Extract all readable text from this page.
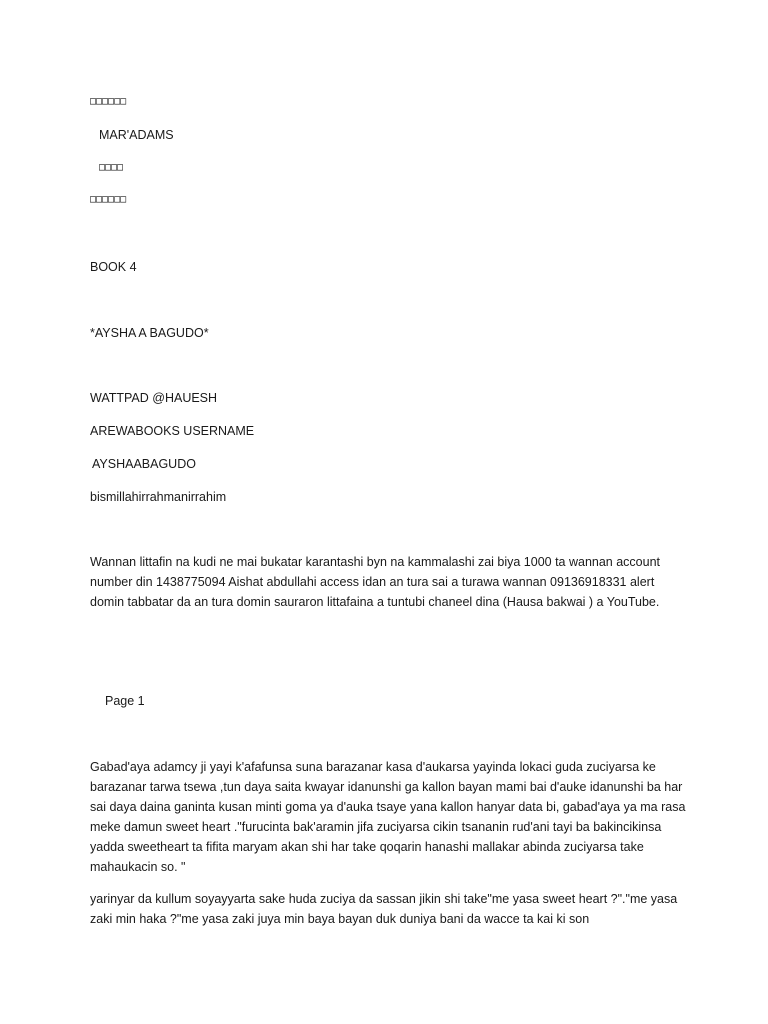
□□□□□□
MAR'ADAMS
□□□□
□□□□□□
BOOK 4
*AYSHA A BAGUDO*
WATTPAD @HAUESH
AREWABOOKS USERNAME
AYSHAABAGUDO
bismillahirrahmanirrahim
Wannan littafin na kudi ne mai bukatar karantashi byn na kammalashi zai biya 1000 ta wannan account number din 1438775094 Aishat abdullahi access idan an tura sai a turawa wannan 09136918331 alert domin tabbatar da an tura domin sauraron littafaina a tuntubi chaneel dina (Hausa bakwai ) a YouTube.
Page 1
Gabad'aya adamcy ji yayi k'afafunsa suna barazanar kasa d'aukarsa yayinda lokaci guda zuciyarsa ke barazanar tarwa tsewa ,tun daya saita kwayar idanunshi ga kallon bayan mami bai d'auke idanunshi ba har sai daya daina ganinta kusan minti goma ya d'auka tsaye yana kallon hanyar data bi, gabad'aya ya ma rasa meke damun sweet heart ."furucinta bak'aramin jifa zuciyarsa cikin tsananin rud'ani tayi ba bakincikinsa yadda sweetheart ta fifita maryam akan shi har take qoqarin hanashi mallakar abinda zuciyarsa take mahaukacin so. "
yarinyar da kullum soyayyarta sake huda zuciya da sassan jikin shi take"me yasa sweet heart ?"."me yasa zaki min haka ?"me yasa zaki juya min baya bayan duk duniya bani da wacce ta kai ki son
